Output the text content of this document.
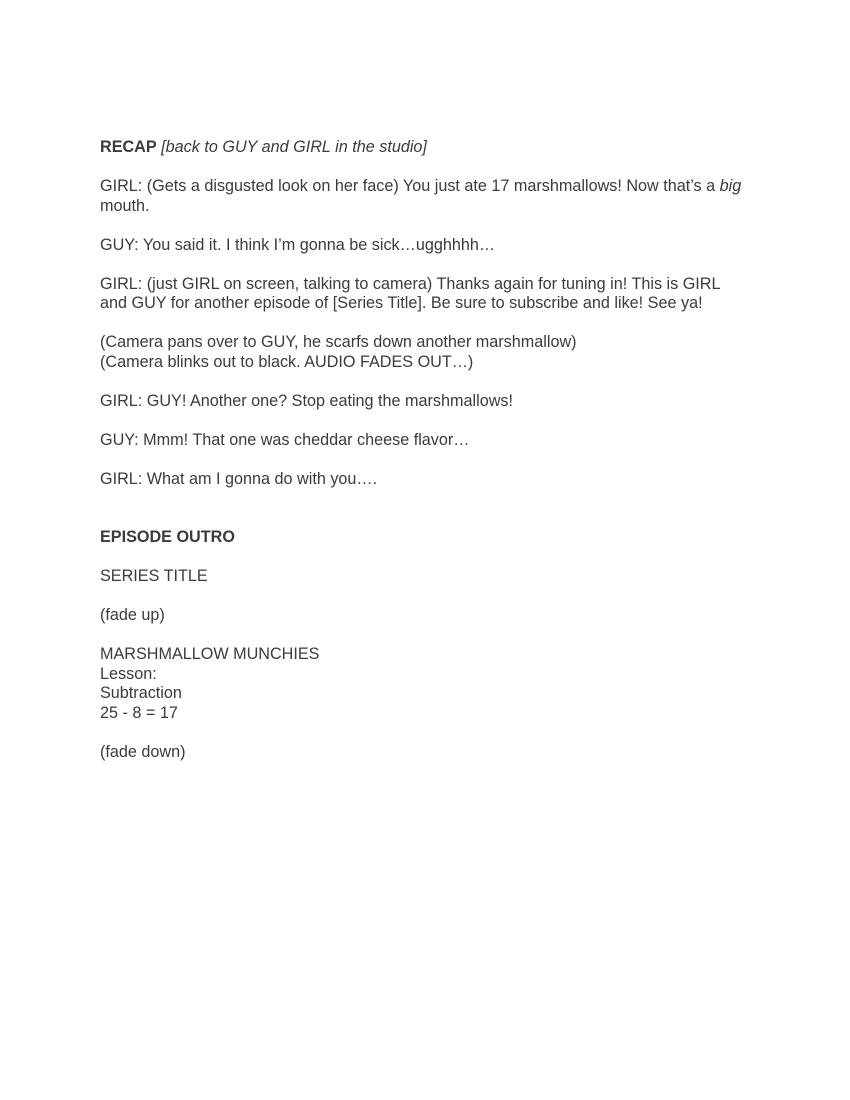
RECAP [back to GUY and GIRL in the studio]

GIRL: (Gets a disgusted look on her face) You just ate 17 marshmallows! Now that’s a big mouth.

GUY: You said it. I think I’m gonna be sick…ugghhhh…

GIRL: (just GIRL on screen, talking to camera) Thanks again for tuning in! This is GIRL and GUY for another episode of [Series Title]. Be sure to subscribe and like! See ya!

(Camera pans over to GUY, he scarfs down another marshmallow)

(Camera blinks out to black. AUDIO FADES OUT…)

GIRL: GUY! Another one? Stop eating the marshmallows!

GUY: Mmm! That one was cheddar cheese flavor…

GIRL: What am I gonna do with you….

EPISODE OUTRO

SERIES TITLE

(fade up)

MARSHMALLOW MUNCHIES

Lesson:

Subtraction

25 - 8 = 17

(fade down)
